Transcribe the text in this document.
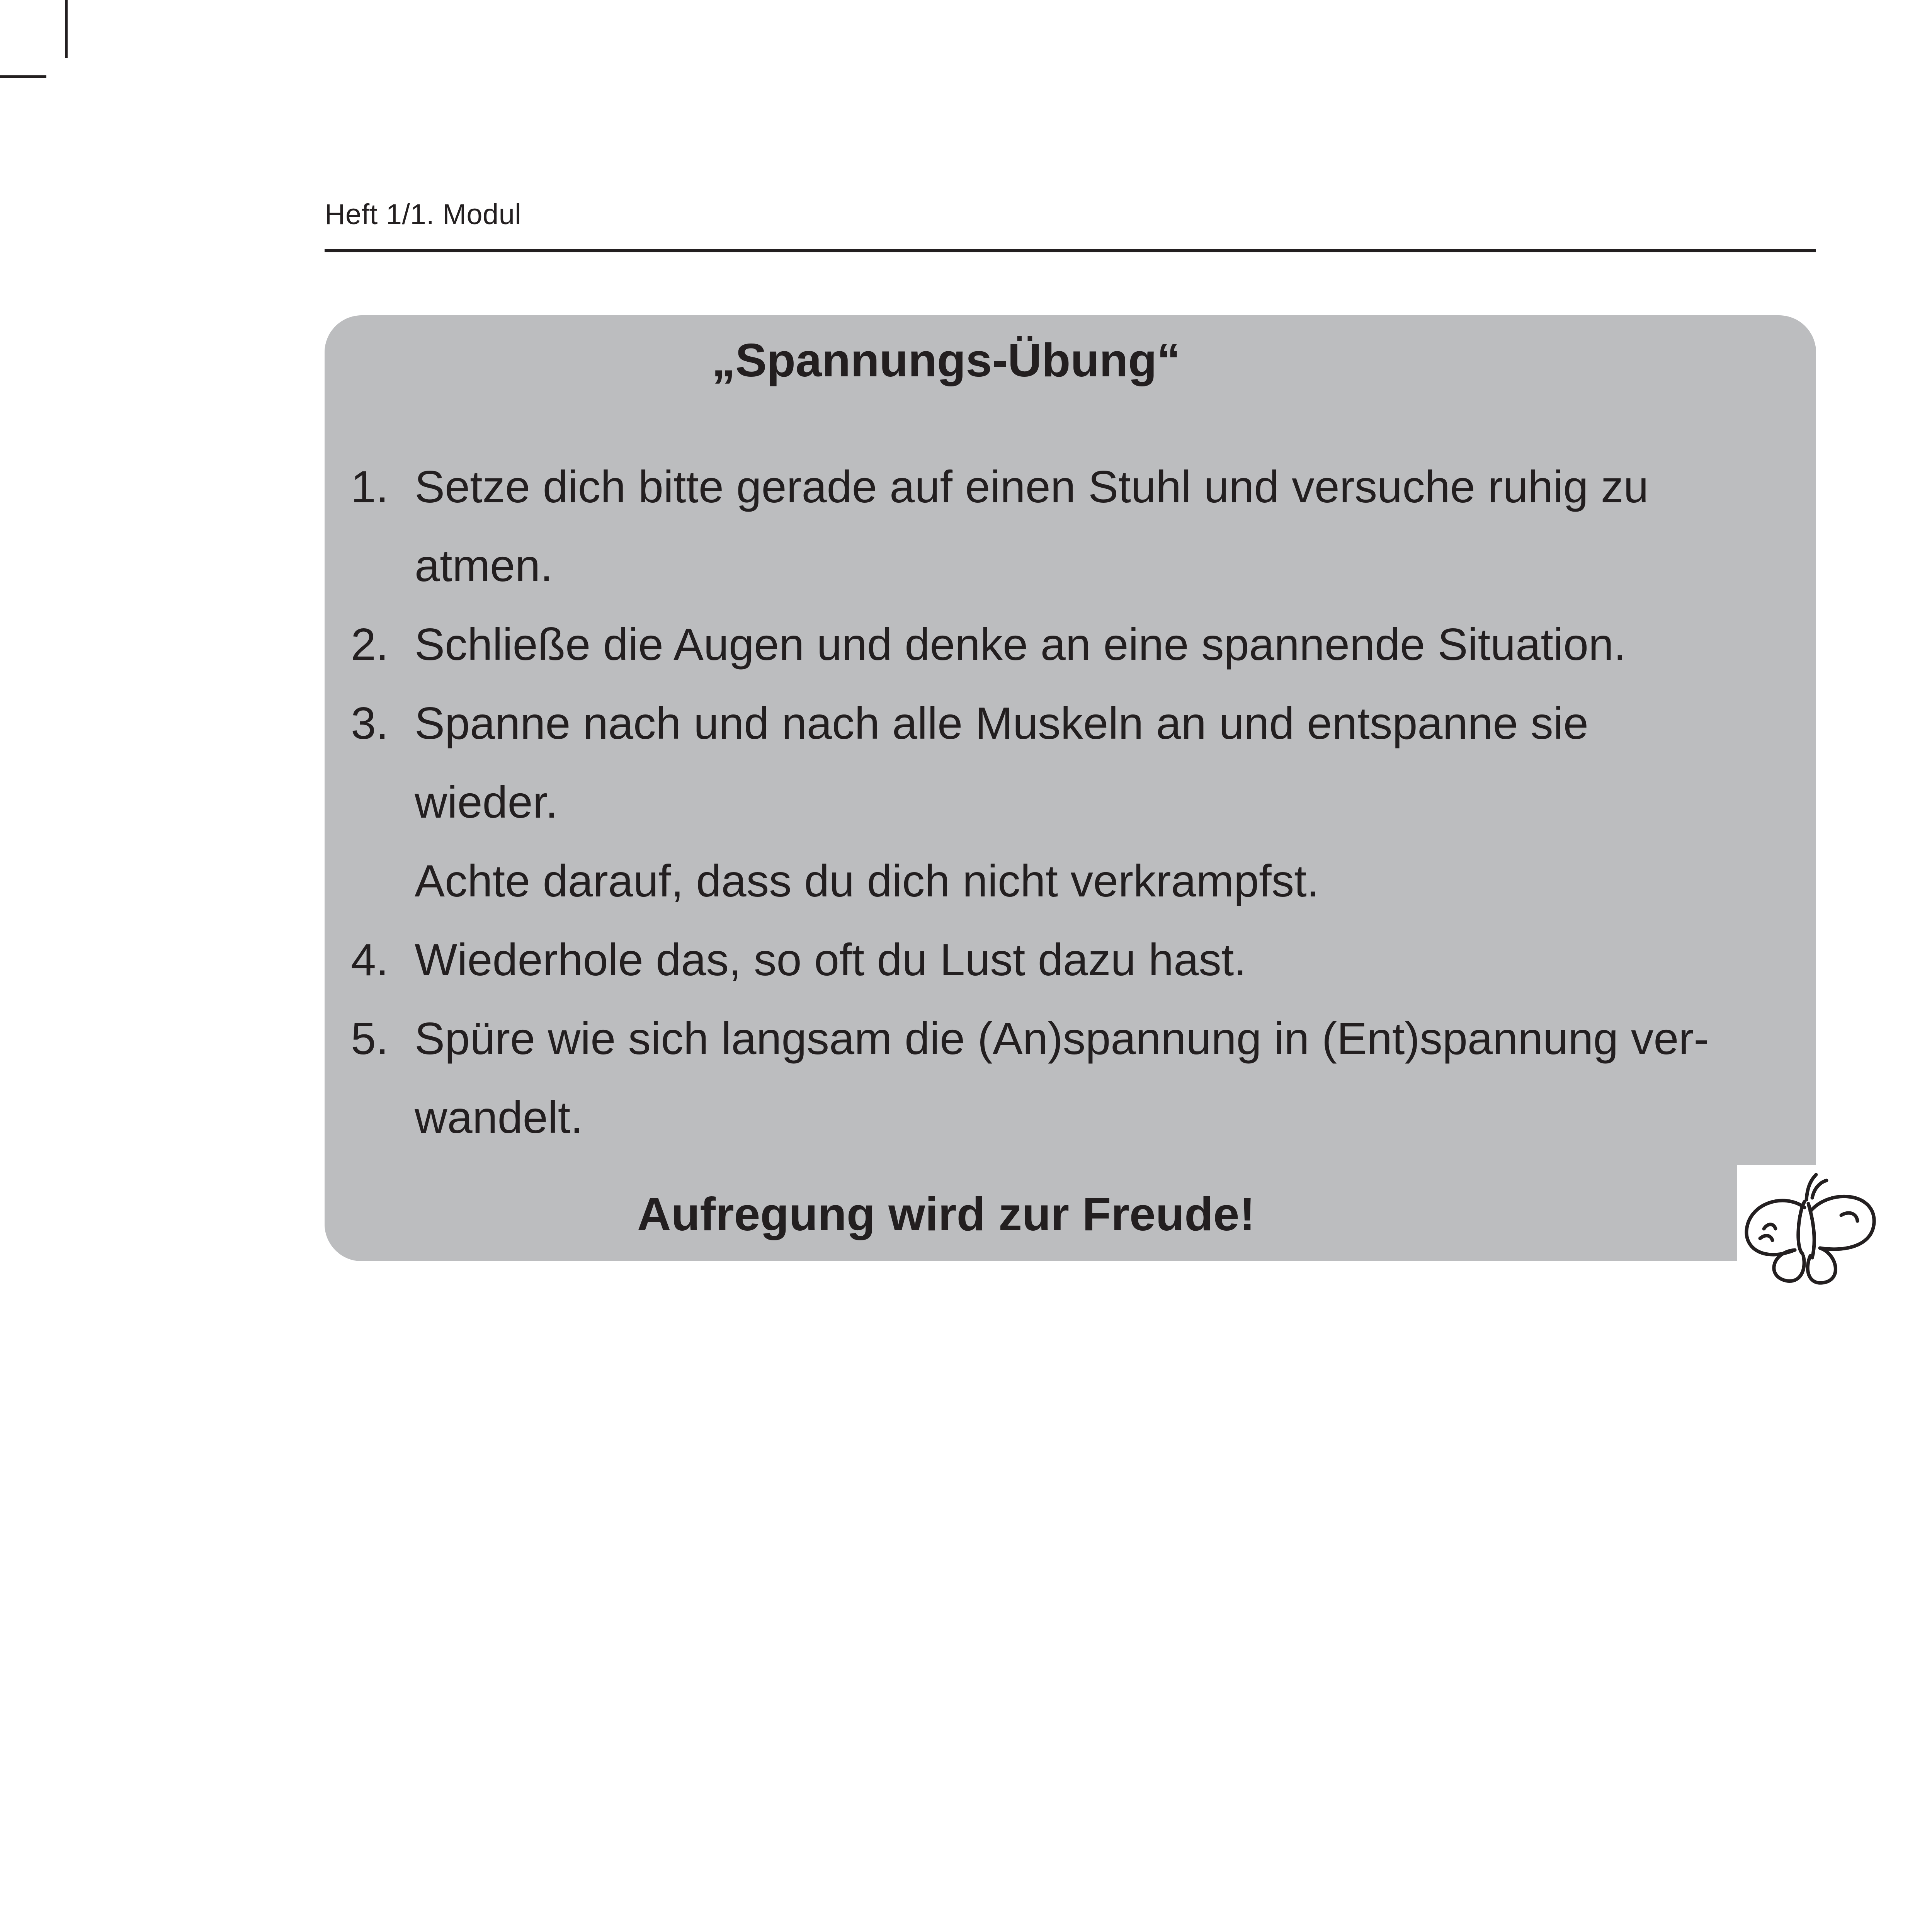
Heft 1/1. Modul
„Spannungs-Übung“
1. Setze dich bitte gerade auf einen Stuhl und versuche ruhig zu
atmen.
2. Schließe die Augen und denke an eine spannende Situation.
3. Spanne nach und nach alle Muskeln an und entspanne sie
wieder.
Achte darauf, dass du dich nicht verkrampfst.
4. Wiederhole das, so oft du Lust dazu hast.
5. Spüre wie sich langsam die (An)spannung in (Ent)spannung ver-
wandelt.
Aufregung wird zur Freude!
